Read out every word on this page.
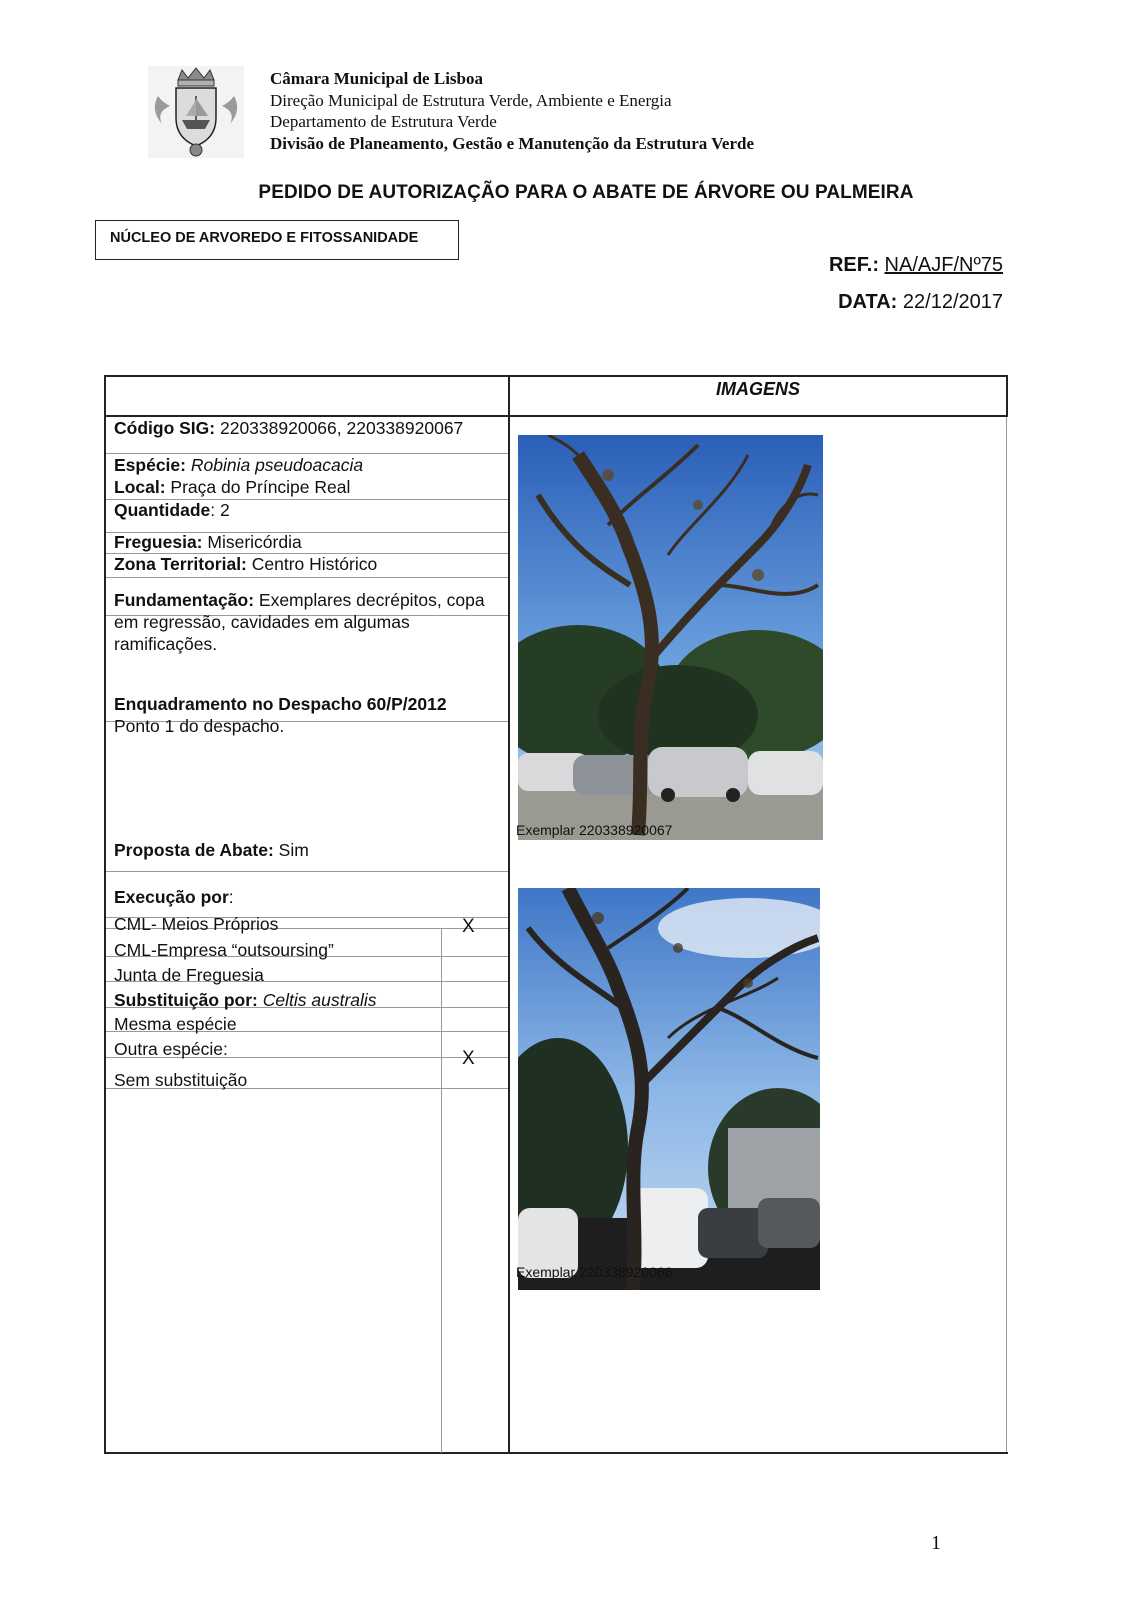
Câmara Municipal de Lisboa
Direção Municipal de Estrutura Verde, Ambiente e Energia
Departamento de Estrutura Verde
Divisão de Planeamento, Gestão e Manutenção da Estrutura Verde
PEDIDO DE AUTORIZAÇÃO PARA O ABATE DE ÁRVORE OU PALMEIRA
NÚCLEO DE ARVOREDO E FITOSSANIDADE
REF.: NA/AJF/Nº75
DATA: 22/12/2017
IMAGENS
Código SIG: 220338920066, 220338920067
Espécie: Robinia pseudoacacia
Local: Praça do Príncipe Real
Quantidade: 2
Freguesia: Misericórdia
Zona Territorial: Centro Histórico
Fundamentação: Exemplares decrépitos, copa em regressão, cavidades em algumas ramificações.
Enquadramento no Despacho 60/P/2012
Ponto 1 do despacho.
Proposta de Abate: Sim
Execução por:
CML- Meios Próprios	X
CML-Empresa “outsoursing”
Junta de Freguesia
Substituição por: Celtis australis
Mesma espécie
Outra espécie:	X
Sem substituição
Exemplar 220338920067
Exemplar 220338920066
1
